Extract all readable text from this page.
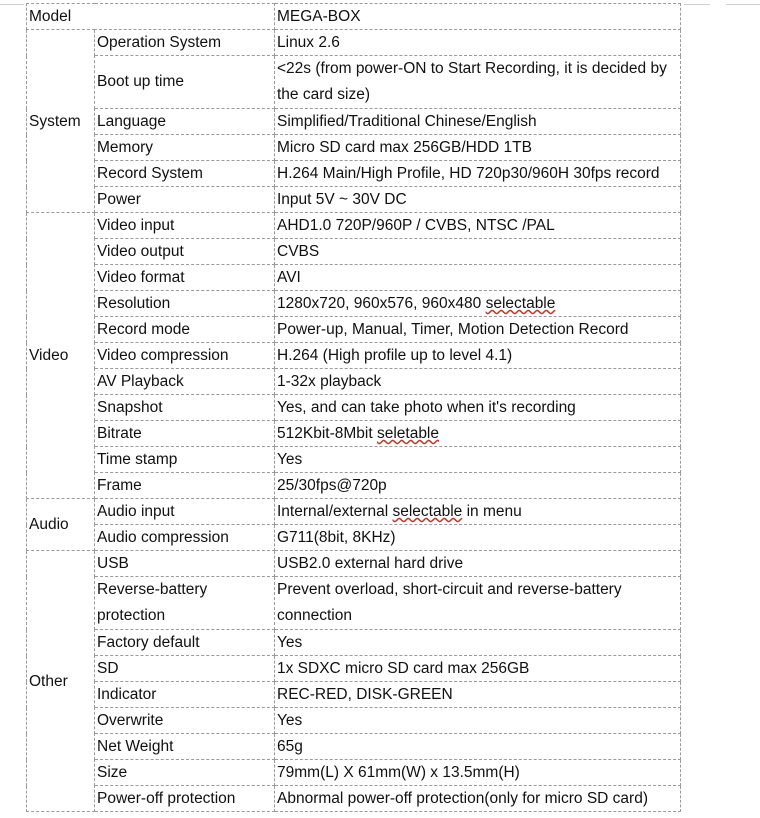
Model		MEGA-BOX
System	Operation System	Linux 2.6
	Boot up time	<22s (from power-ON to Start Recording, it is decided by the card size)
	Language	Simplified/Traditional Chinese/English
	Memory	Micro SD card max 256GB/HDD 1TB
	Record System	H.264 Main/High Profile, HD 720p30/960H 30fps record
	Power	Input 5V ~ 30V DC
Video	Video input	AHD1.0 720P/960P / CVBS, NTSC /PAL
	Video output	CVBS
	Video format	AVI
	Resolution	1280x720, 960x576, 960x480 selectable
	Record mode	Power-up, Manual, Timer, Motion Detection Record
	Video compression	H.264 (High profile up to level 4.1)
	AV Playback	1-32x playback
	Snapshot	Yes, and can take photo when it's recording
	Bitrate	512Kbit-8Mbit seletable
	Time stamp	Yes
	Frame	25/30fps@720p
Audio	Audio input	Internal/external selectable in menu
	Audio compression	G711(8bit, 8KHz)
Other	USB	USB2.0 external hard drive
	Reverse-battery protection	Prevent overload, short-circuit and reverse-battery connection
	Factory default	Yes
	SD	1x SDXC micro SD card max 256GB
	Indicator	REC-RED, DISK-GREEN
	Overwrite	Yes
	Net Weight	65g
	Size	79mm(L) X 61mm(W) x 13.5mm(H)
	Power-off protection	Abnormal power-off protection(only for micro SD card)
